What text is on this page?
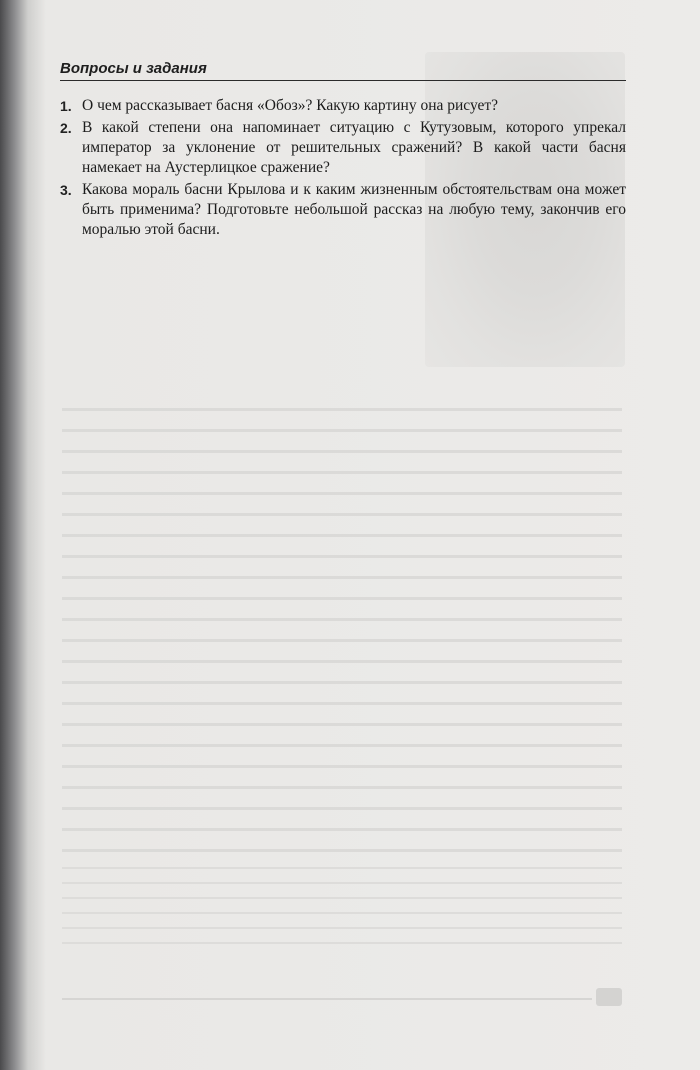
Вопросы и задания
1. О чем рассказывает басня «Обоз»? Какую картину она рисует?
2. В какой степени она напоминает ситуацию с Кутузовым, которого упрекал император за уклонение от решительных сражений? В какой части басня намекает на Аустерлицкое сражение?
3. Какова мораль басни Крылова и к каким жизненным обстоятельствам она может быть применима? Подготовьте небольшой рассказ на любую тему, закончив его моралью этой басни.
